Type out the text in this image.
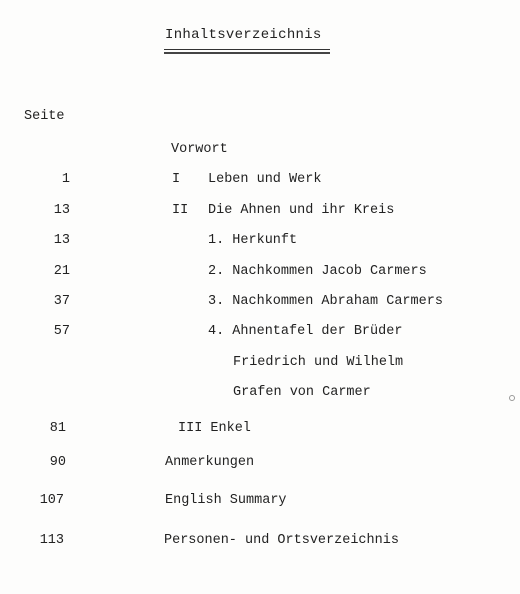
Inhaltsverzeichnis
Seite
Vorwort
1	I Leben und Werk
13	II Die Ahnen und ihr Kreis
13	1. Herkunft
21	2. Nachkommen Jacob Carmers
37	3. Nachkommen Abraham Carmers
57	4. Ahnentafel der Brüder
Friedrich und Wilhelm
Grafen von Carmer
81	III Enkel
90	Anmerkungen
107	English Summary
113	Personen- und Ortsverzeichnis
